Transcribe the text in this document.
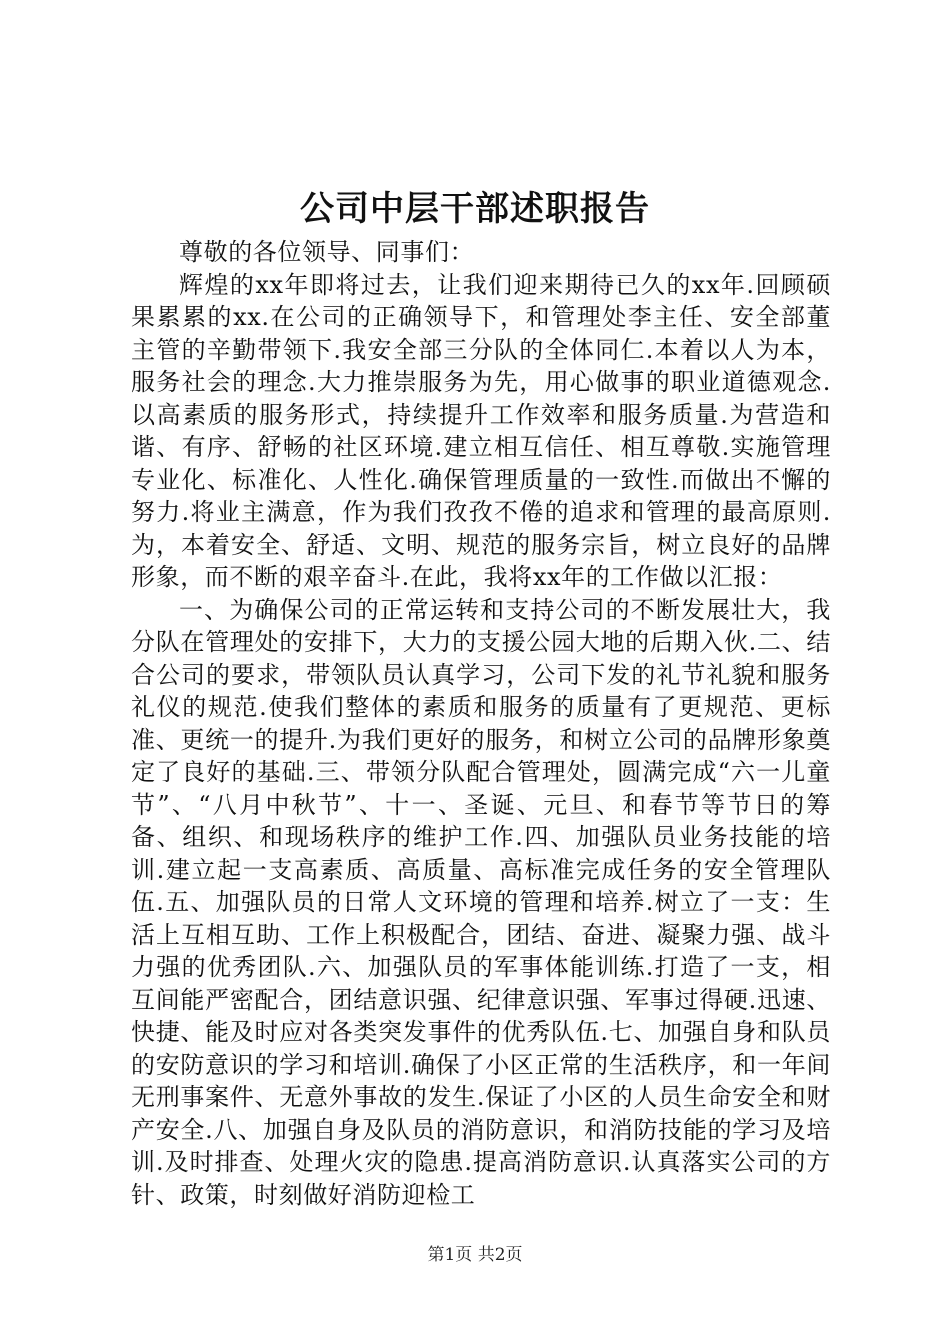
公司中层干部述职报告

尊敬的各位领导、同事们：

辉煌的xx年即将过去，让我们迎来期待已久的xx年.回顾硕果累累的xx.在公司的正确领导下，和管理处李主任、安全部董主管的辛勤带领下.我安全部三分队的全体同仁.本着以人为本，服务社会的理念.大力推崇服务为先，用心做事的职业道德观念.以高素质的服务形式，持续提升工作效率和服务质量.为营造和谐、有序、舒畅的社区环境.建立相互信任、相互尊敬.实施管理专业化、标准化、人性化.确保管理质量的一致性.而做出不懈的努力.将业主满意，作为我们孜孜不倦的追求和管理的最高原则.为，本着安全、舒适、文明、规范的服务宗旨，树立良好的品牌形象，而不断的艰辛奋斗.在此，我将xx年的工作做以汇报：

一、为确保公司的正常运转和支持公司的不断发展壮大，我分队在管理处的安排下，大力的支援公园大地的后期入伙.二、结合公司的要求，带领队员认真学习，公司下发的礼节礼貌和服务礼仪的规范.使我们整体的素质和服务的质量有了更规范、更标准、更统一的提升.为我们更好的服务，和树立公司的品牌形象奠定了良好的基础.三、带领分队配合管理处，圆满完成“六一儿童节”、“八月中秋节”、十一、圣诞、元旦、和春节等节日的筹备、组织、和现场秩序的维护工作.四、加强队员业务技能的培训.建立起一支高素质、高质量、高标准完成任务的安全管理队伍.五、加强队员的日常人文环境的管理和培养.树立了一支：生活上互相互助、工作上积极配合，团结、奋进、凝聚力强、战斗力强的优秀团队.六、加强队员的军事体能训练.打造了一支，相互间能严密配合，团结意识强、纪律意识强、军事过得硬.迅速、快捷、能及时应对各类突发事件的优秀队伍.七、加强自身和队员的安防意识的学习和培训.确保了小区正常的生活秩序，和一年间无刑事案件、无意外事故的发生.保证了小区的人员生命安全和财产安全.八、加强自身及队员的消防意识，和消防技能的学习及培训.及时排查、处理火灾的隐患.提高消防意识.认真落实公司的方针、政策，时刻做好消防迎检工

第1页 共2页
